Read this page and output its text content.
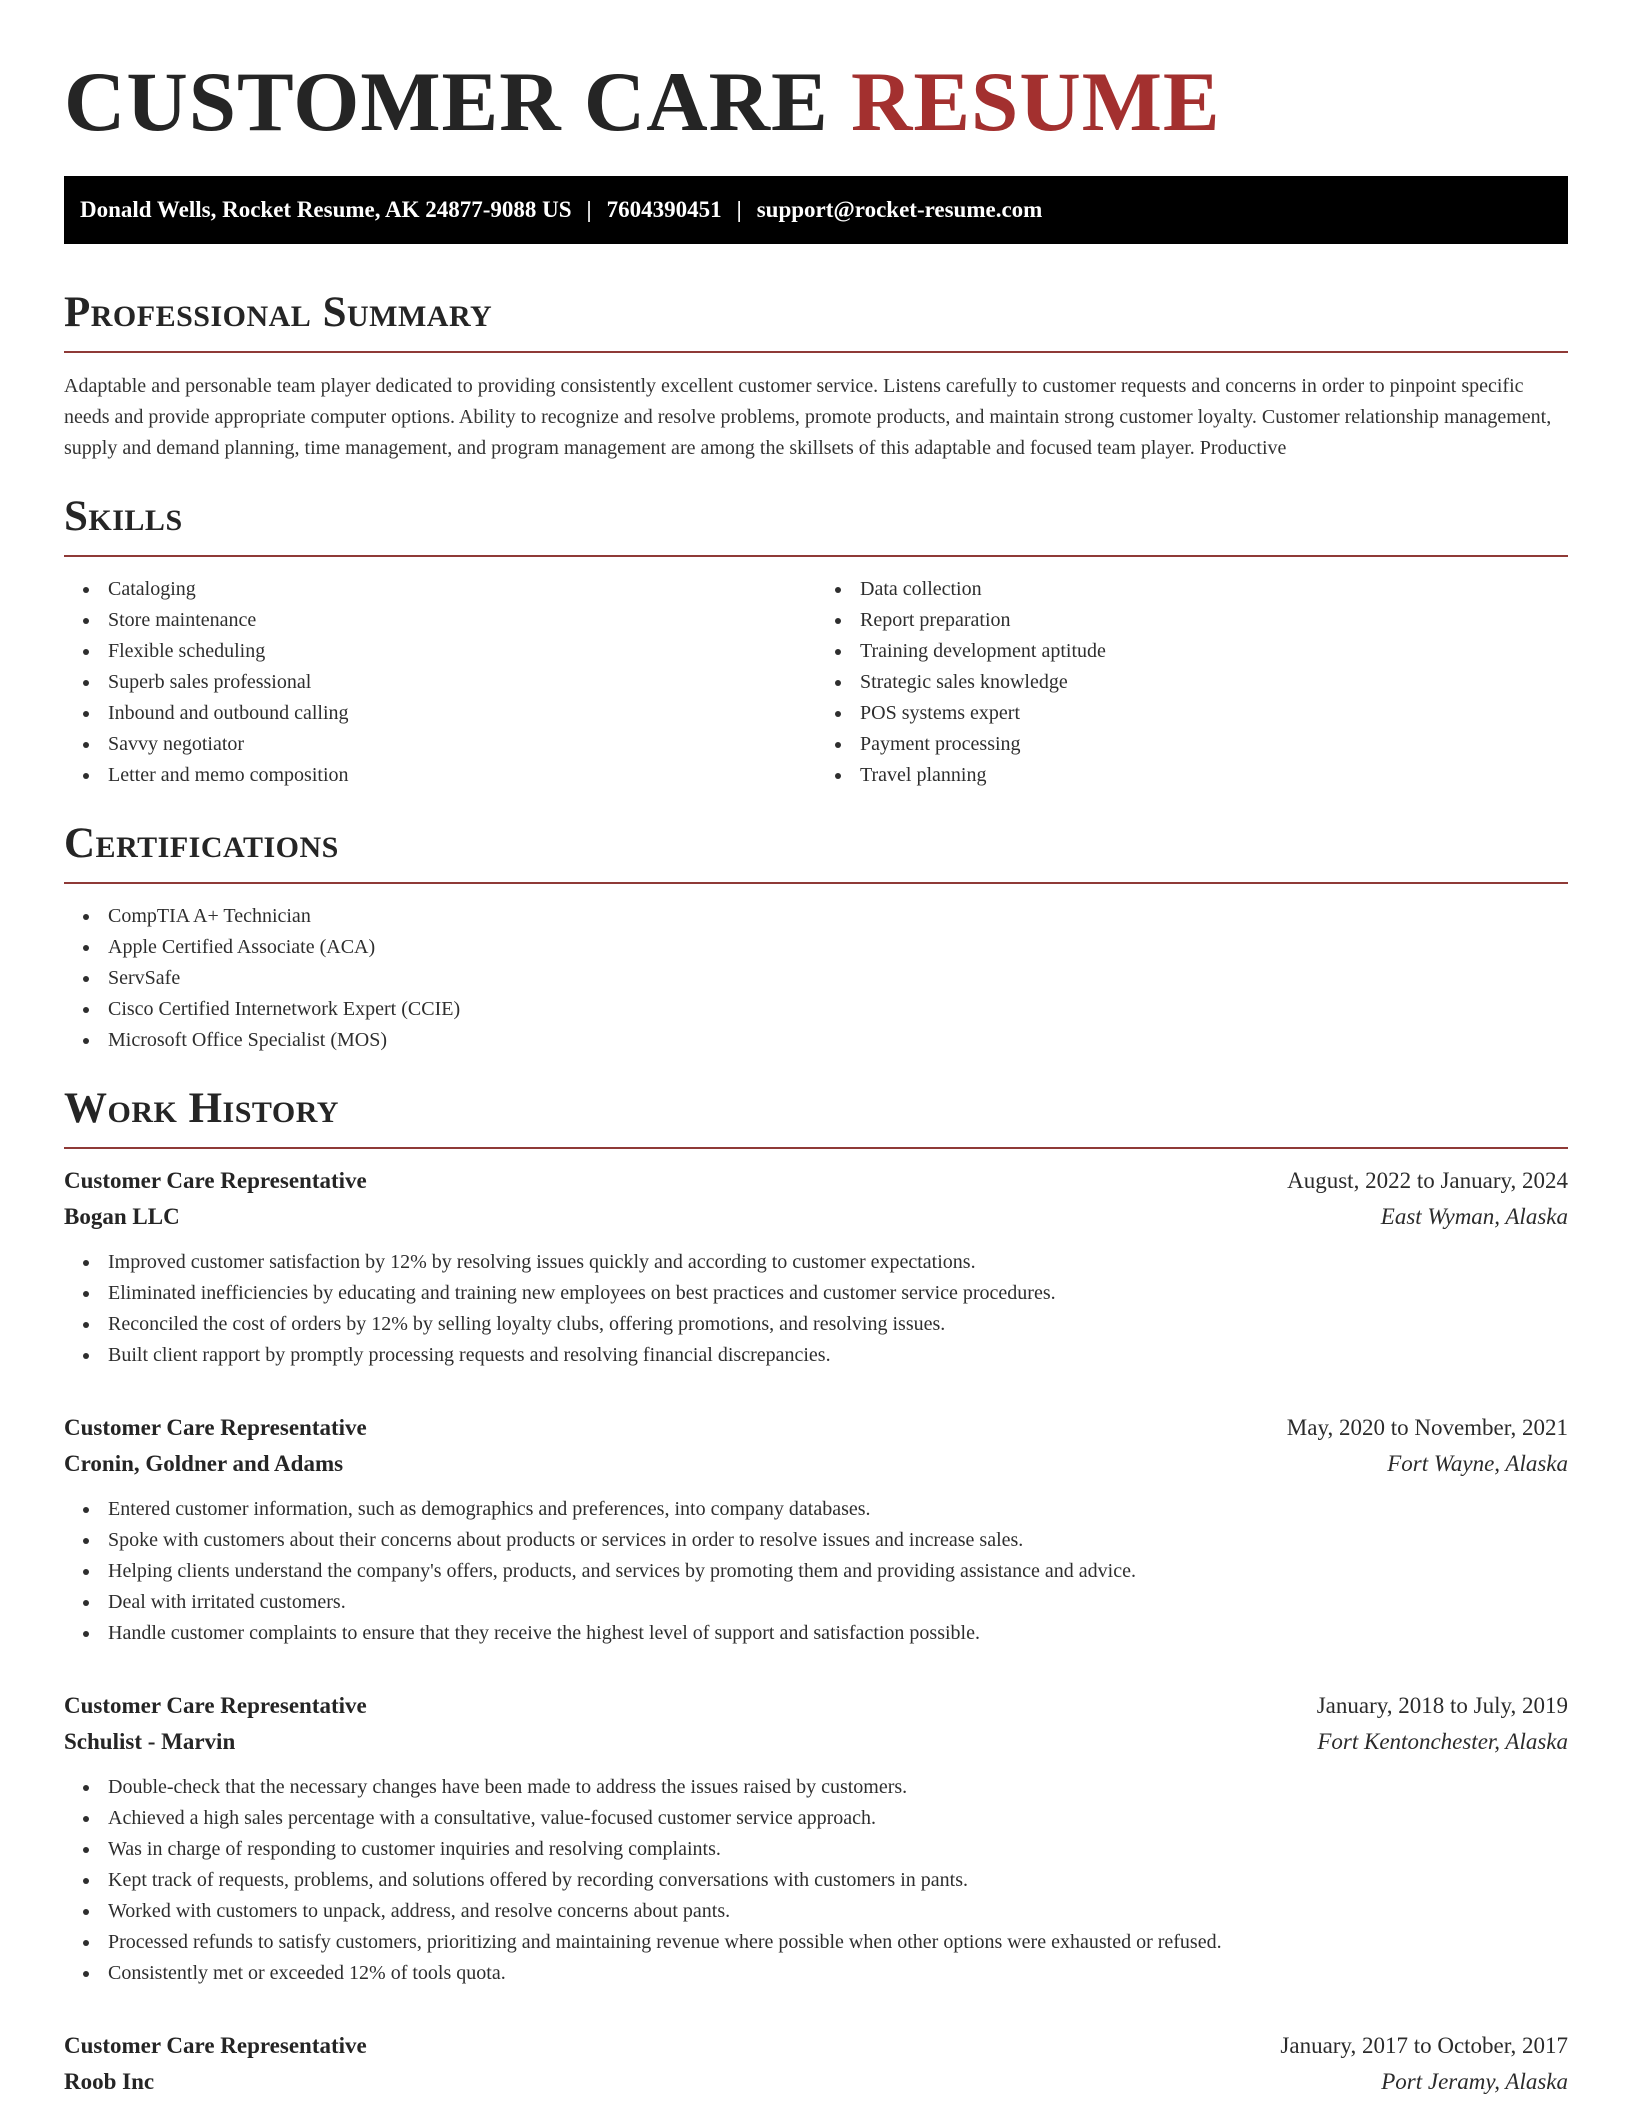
CUSTOMER CARE RESUME
Donald Wells, Rocket Resume, AK 24877-9088 US | 7604390451 | support@rocket-resume.com
Professional Summary

Adaptable and personable team player dedicated to providing consistently excellent customer service. Listens carefully to customer requests and concerns in order to pinpoint specific needs and provide appropriate computer options. Ability to recognize and resolve problems, promote products, and maintain strong customer loyalty. Customer relationship management, supply and demand planning, time management, and program management are among the skillsets of this adaptable and focused team player. Productive

Skills
Cataloging
Store maintenance
Flexible scheduling
Superb sales professional
Inbound and outbound calling
Savvy negotiator
Letter and memo composition
Data collection
Report preparation
Training development aptitude
Strategic sales knowledge
POS systems expert
Payment processing
Travel planning
Certifications
CompTIA A+ Technician
Apple Certified Associate (ACA)
ServSafe
Cisco Certified Internetwork Expert (CCIE)
Microsoft Office Specialist (MOS)
Work History
Customer Care Representative	August, 2022 to January, 2024
Bogan LLC	East Wyman, Alaska
Improved customer satisfaction by 12% by resolving issues quickly and according to customer expectations.
Eliminated inefficiencies by educating and training new employees on best practices and customer service procedures.
Reconciled the cost of orders by 12% by selling loyalty clubs, offering promotions, and resolving issues.
Built client rapport by promptly processing requests and resolving financial discrepancies.
Customer Care Representative	May, 2020 to November, 2021
Cronin, Goldner and Adams	Fort Wayne, Alaska
Entered customer information, such as demographics and preferences, into company databases.
Spoke with customers about their concerns about products or services in order to resolve issues and increase sales.
Helping clients understand the company's offers, products, and services by promoting them and providing assistance and advice.
Deal with irritated customers.
Handle customer complaints to ensure that they receive the highest level of support and satisfaction possible.
Customer Care Representative	January, 2018 to July, 2019
Schulist - Marvin	Fort Kentonchester, Alaska
Double-check that the necessary changes have been made to address the issues raised by customers.
Achieved a high sales percentage with a consultative, value-focused customer service approach.
Was in charge of responding to customer inquiries and resolving complaints.
Kept track of requests, problems, and solutions offered by recording conversations with customers in pants.
Worked with customers to unpack, address, and resolve concerns about pants.
Processed refunds to satisfy customers, prioritizing and maintaining revenue where possible when other options were exhausted or refused.
Consistently met or exceeded 12% of tools quota.
Customer Care Representative	January, 2017 to October, 2017
Roob Inc	Port Jeramy, Alaska
